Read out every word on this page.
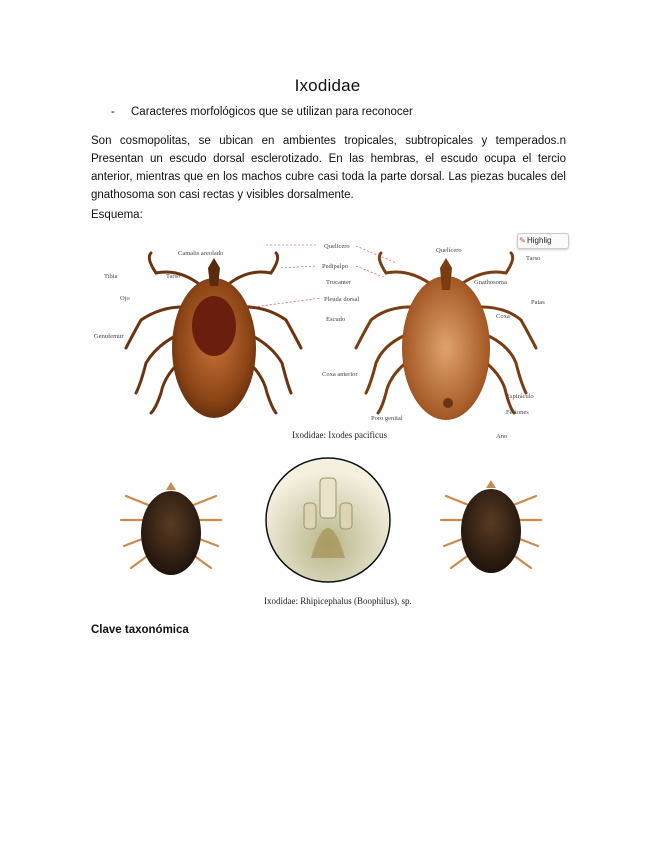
Ixodidae
- Caracteres morfológicos que se utilizan para reconocer
Son cosmopolitas, se ubican en ambientes tropicales, subtropicales y temperados.n Presentan un escudo dorsal esclerotizado. En las hembras, el escudo ocupa el tercio anterior, mientras que en los machos cubre casi toda la parte dorsal. Las piezas bucales del gnathosoma son casi rectas y visibles dorsalmente.
Esquema:
✎Highlig
Camalis areolado
Tibia	Tarso
Ojo
Genufemur
Quelicero
Pedipalpo
Trocanter
Pleuda dorsal
Escudo
Coxa anterior
Quelícero
Tarso
Gnathosoma
Patas
Coxa
Espiráculo
Festones
Ano
Poro genital
Ixodidae: Ixodes pacificus
Ixodidae: Rhipicephalus (Boophilus), sp.
Clave taxonómica
